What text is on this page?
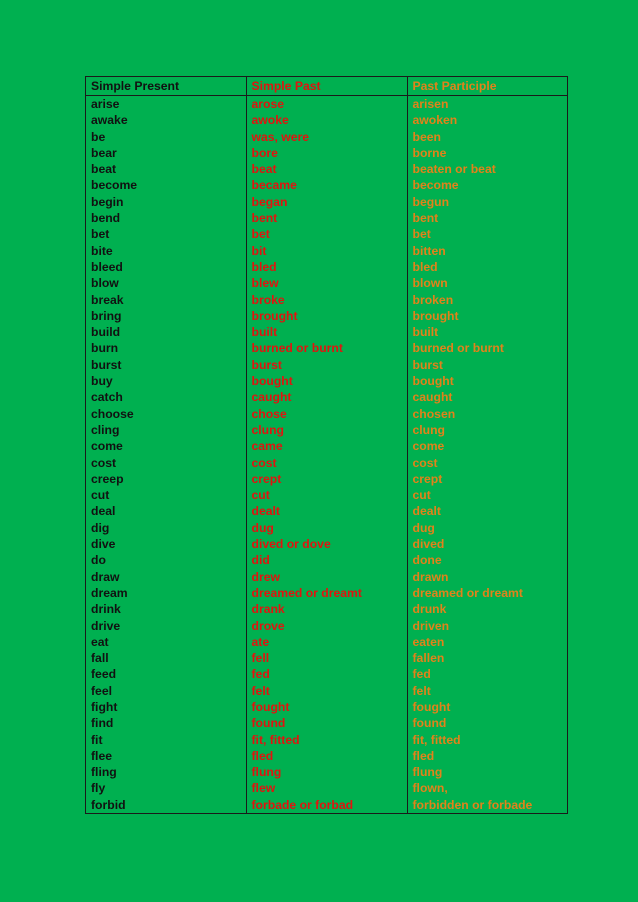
Simple Present	Simple Past	Past Participle
arise	arose	arisen
awake	awoke	awoken
be	was, were	been
bear	bore	borne
beat	beat	beaten or beat
become	became	become
begin	began	begun
bend	bent	bent
bet	bet	bet
bite	bit	bitten
bleed	bled	bled
blow	blew	blown
break	broke	broken
bring	brought	brought
build	built	built
burn	burned or burnt	burned or burnt
burst	burst	burst
buy	bought	bought
catch	caught	caught
choose	chose	chosen
cling	clung	clung
come	came	come
cost	cost	cost
creep	crept	crept
cut	cut	cut
deal	dealt	dealt
dig	dug	dug
dive	dived or dove	dived
do	did	done
draw	drew	drawn
dream	dreamed or dreamt	dreamed or dreamt
drink	drank	drunk
drive	drove	driven
eat	ate	eaten
fall	fell	fallen
feed	fed	fed
feel	felt	felt
fight	fought	fought
find	found	found
fit	fit, fitted	fit, fitted
flee	fled	fled
fling	flung	flung
fly	flew	flown,
forbid	forbade or forbad	forbidden or forbade
